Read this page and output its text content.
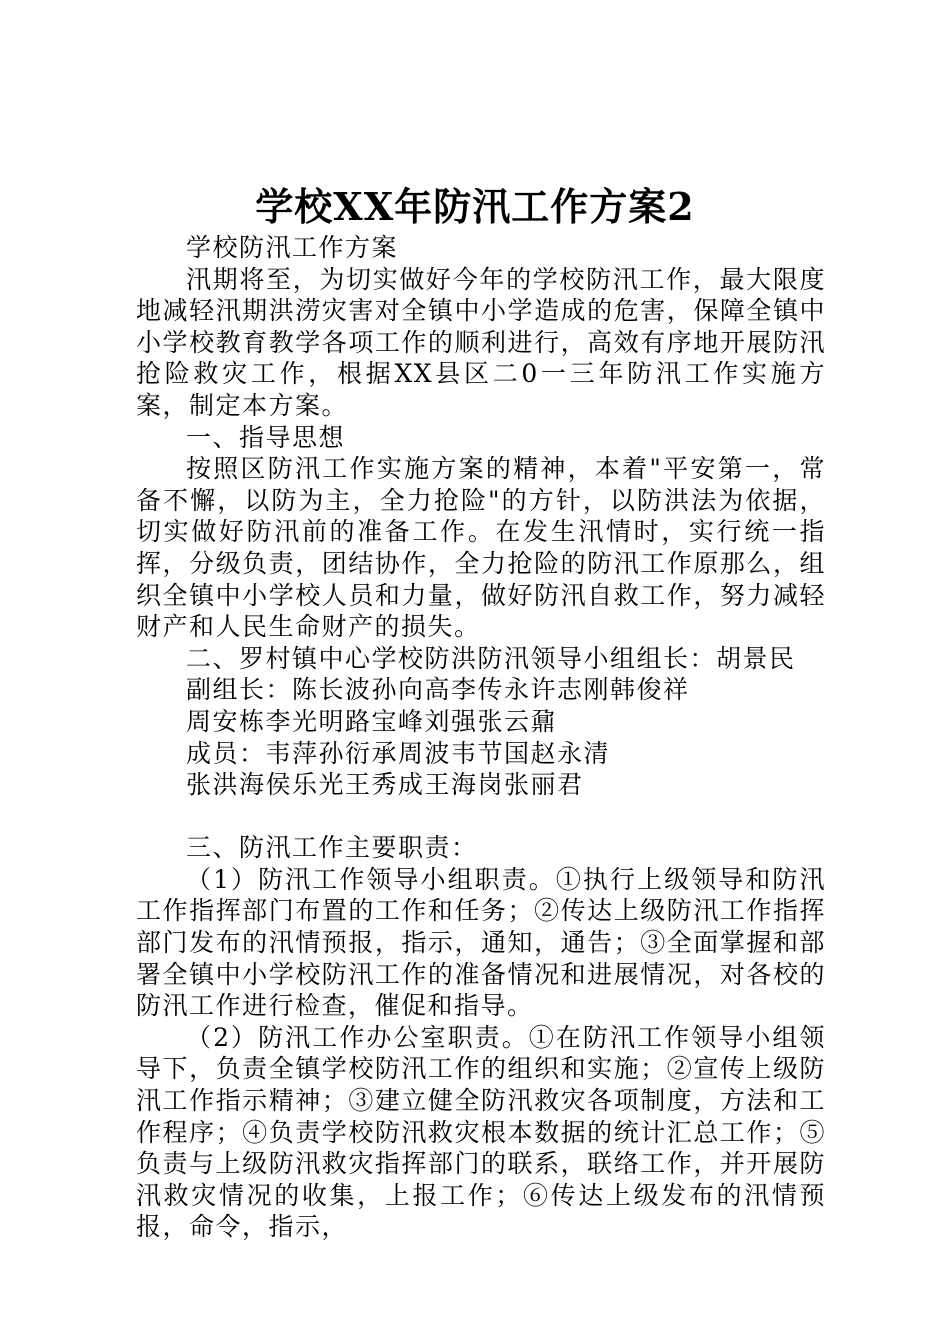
学校XX年防汛工作方案2

学校防汛工作方案

汛期将至，为切实做好今年的学校防汛工作，最大限度地减轻汛期洪涝灾害对全镇中小学造成的危害，保障全镇中小学校教育教学各项工作的顺利进行，高效有序地开展防汛抢险救灾工作，根据XX县区二0一三年防汛工作实施方案，制定本方案。

一、指导思想

按照区防汛工作实施方案的精神，本着"平安第一，常备不懈，以防为主，全力抢险"的方针，以防洪法为依据，切实做好防汛前的准备工作。在发生汛情时，实行统一指挥，分级负责，团结协作，全力抢险的防汛工作原那么，组织全镇中小学校人员和力量，做好防汛自救工作，努力减轻财产和人民生命财产的损失。

二、罗村镇中心学校防洪防汛领导小组组长：胡景民

副组长：陈长波孙向高李传永许志刚韩俊祥

周安栋李光明路宝峰刘强张云鼐

成员：韦萍孙衍承周波韦节国赵永清

张洪海侯乐光王秀成王海岗张丽君

三、防汛工作主要职责：

（1）防汛工作领导小组职责。①执行上级领导和防汛工作指挥部门布置的工作和任务；②传达上级防汛工作指挥部门发布的汛情预报，指示，通知，通告；③全面掌握和部署全镇中小学校防汛工作的准备情况和进展情况，对各校的防汛工作进行检查，催促和指导。

（2）防汛工作办公室职责。①在防汛工作领导小组领导下，负责全镇学校防汛工作的组织和实施；②宣传上级防汛工作指示精神；③建立健全防汛救灾各项制度，方法和工作程序；④负责学校防汛救灾根本数据的统计汇总工作；⑤负责与上级防汛救灾指挥部门的联系，联络工作，并开展防汛救灾情况的收集，上报工作；⑥传达上级发布的汛情预报，命令，指示，
